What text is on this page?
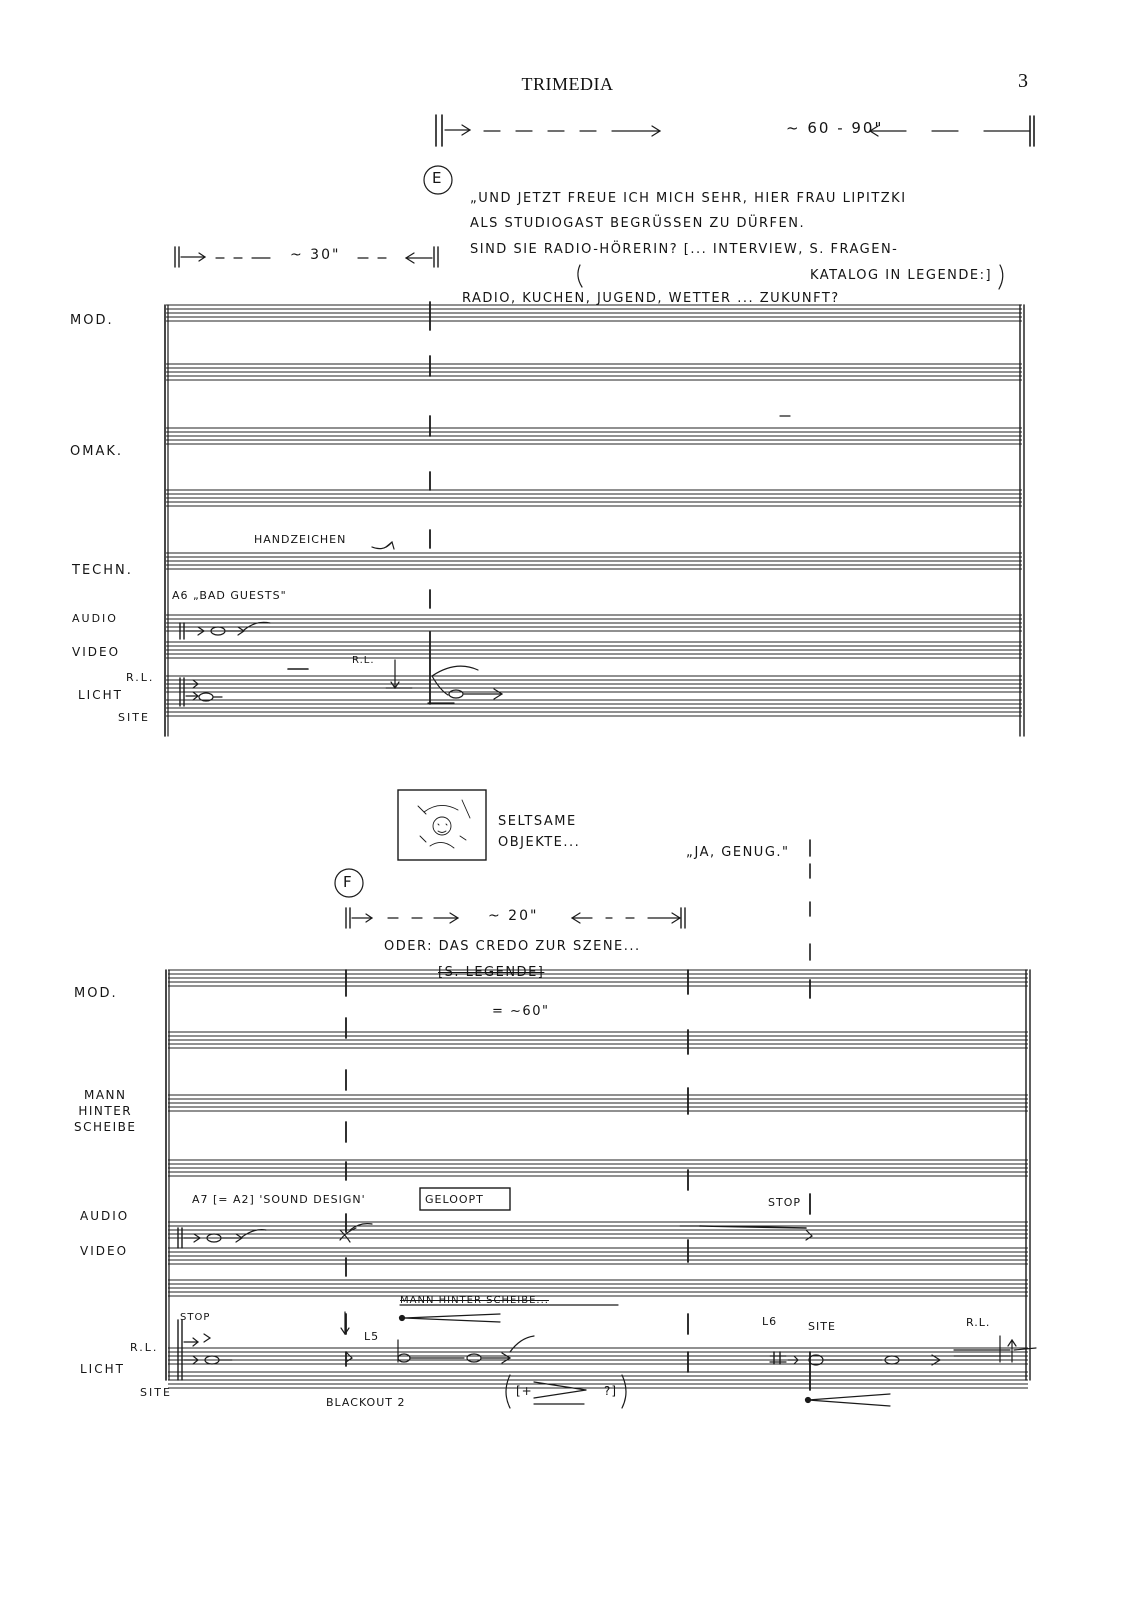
TRIMEDIA	3
~ 60 - 90"
E
~ 30"
„UND JETZT FREUE ICH MICH SEHR, HIER FRAU LIPITZKI
ALS STUDIOGAST BEGRÜSSEN ZU DÜRFEN.
SIND SIE RADIO-HÖRERIN? [... INTERVIEW, S. FRAGEN-
KATALOG IN LEGENDE:]
RADIO, KUCHEN, JUGEND, WETTER ... ZUKUNFT?
MOD.
OMAK.
TECHN.
AUDIO
VIDEO
R.L.
LICHT
SITE
HANDZEICHEN
A6 „BAD GUESTS"
R.L.
F
SELTSAME
OBJEKTE...
„JA, GENUG."
~ 20"
ODER: DAS CREDO ZUR SZENE...
[S. LEGENDE]
= ~60"
MOD.
MANN
HINTER
SCHEIBE
AUDIO
VIDEO
R.L.
LICHT
SITE
A7 [= A2] 'SOUND DESIGN'	GELOOPT	STOP
STOP
MANN HINTER SCHEIBE...
L5
L6	SITE	R.L.
BLACKOUT 2
[+	?]
